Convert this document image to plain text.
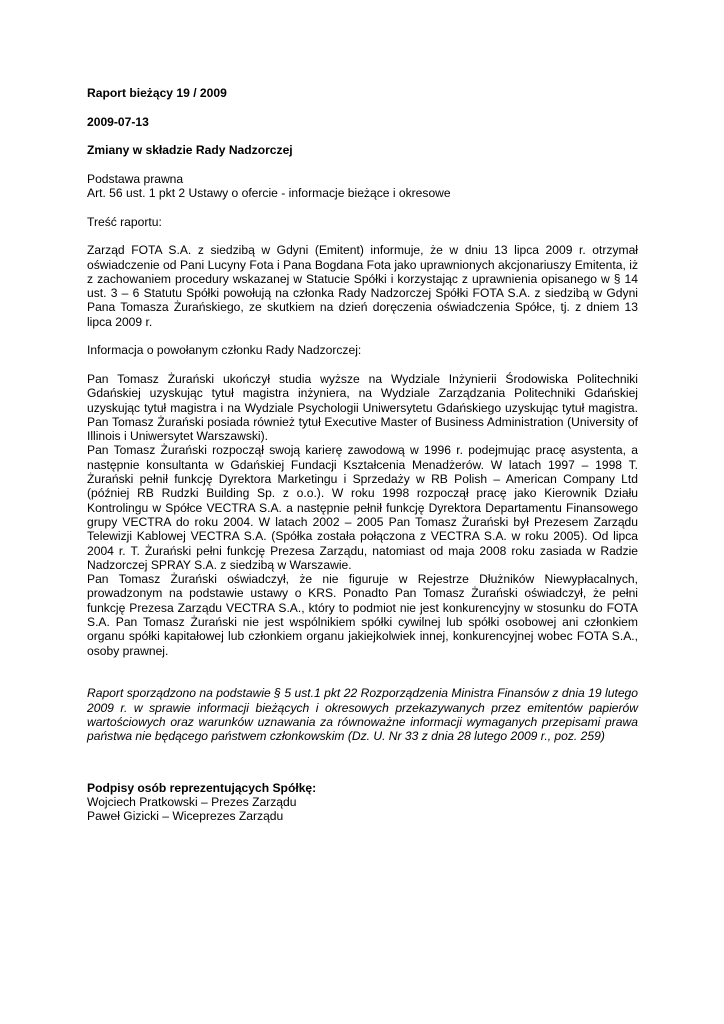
Raport bieżący 19 / 2009

2009-07-13

Zmiany w składzie Rady Nadzorczej

Podstawa prawna
Art. 56 ust. 1 pkt 2 Ustawy o ofercie - informacje bieżące i okresowe

Treść raportu:

Zarząd FOTA S.A. z siedzibą w Gdyni (Emitent) informuje, że w dniu 13 lipca 2009 r. otrzymał oświadczenie od Pani Lucyny Fota i Pana Bogdana Fota jako uprawnionych akcjonariuszy Emitenta, iż z zachowaniem procedury wskazanej w Statucie Spółki i korzystając z uprawnienia opisanego w § 14 ust. 3 – 6 Statutu Spółki powołują na członka Rady Nadzorczej Spółki FOTA S.A. z siedzibą w Gdyni Pana Tomasza Żurańskiego, ze skutkiem na dzień doręczenia oświadczenia Spółce, tj. z dniem 13 lipca 2009 r.

Informacja o powołanym członku Rady Nadzorczej:

Pan Tomasz Żurański ukończył studia wyższe na Wydziale Inżynierii Środowiska Politechniki Gdańskiej uzyskując tytuł magistra inżyniera, na Wydziale Zarządzania Politechniki Gdańskiej uzyskując tytuł magistra i na Wydziale Psychologii Uniwersytetu Gdańskiego uzyskując tytuł magistra. Pan Tomasz Żurański posiada również tytuł Executive Master of Business Administration (University of Illinois i Uniwersytet Warszawski).

Pan Tomasz Żurański rozpoczął swoją karierę zawodową w 1996 r. podejmując pracę asystenta, a następnie konsultanta w Gdańskiej Fundacji Kształcenia Menadżerów. W latach 1997 – 1998 T. Żurański pełnił funkcję Dyrektora Marketingu i Sprzedaży w RB Polish – American Company Ltd (później RB Rudzki Building Sp. z o.o.). W roku 1998 rozpoczął pracę jako Kierownik Działu Kontrolingu w Spółce VECTRA S.A. a następnie pełnił funkcję Dyrektora Departamentu Finansowego grupy VECTRA do roku 2004. W latach 2002 – 2005 Pan Tomasz Żurański był Prezesem Zarządu Telewizji Kablowej VECTRA S.A. (Spółka została połączona z VECTRA S.A. w roku 2005). Od lipca 2004 r. T. Żurański pełni funkcję Prezesa Zarządu, natomiast od maja 2008 roku zasiada w Radzie Nadzorczej SPRAY S.A. z siedzibą w Warszawie.

Pan Tomasz Żurański oświadczył, że nie figuruje w Rejestrze Dłużników Niewypłacalnych, prowadzonym na podstawie ustawy o KRS. Ponadto Pan Tomasz Żurański oświadczył, że pełni funkcję Prezesa Zarządu VECTRA S.A., który to podmiot nie jest konkurencyjny w stosunku do FOTA S.A. Pan Tomasz Żurański nie jest wspólnikiem spółki cywilnej lub spółki osobowej ani członkiem organu spółki kapitałowej lub członkiem organu jakiejkolwiek innej, konkurencyjnej wobec FOTA S.A., osoby prawnej.

Raport sporządzono na podstawie § 5 ust.1 pkt 22 Rozporządzenia Ministra Finansów z dnia 19 lutego 2009 r. w sprawie informacji bieżących i okresowych przekazywanych przez emitentów papierów wartościowych oraz warunków uznawania za równoważne informacji wymaganych przepisami prawa państwa nie będącego państwem członkowskim (Dz. U. Nr 33 z dnia 28 lutego 2009 r., poz. 259)

Podpisy osób reprezentujących Spółkę:
Wojciech Pratkowski – Prezes Zarządu
Paweł Gizicki – Wiceprezes Zarządu
